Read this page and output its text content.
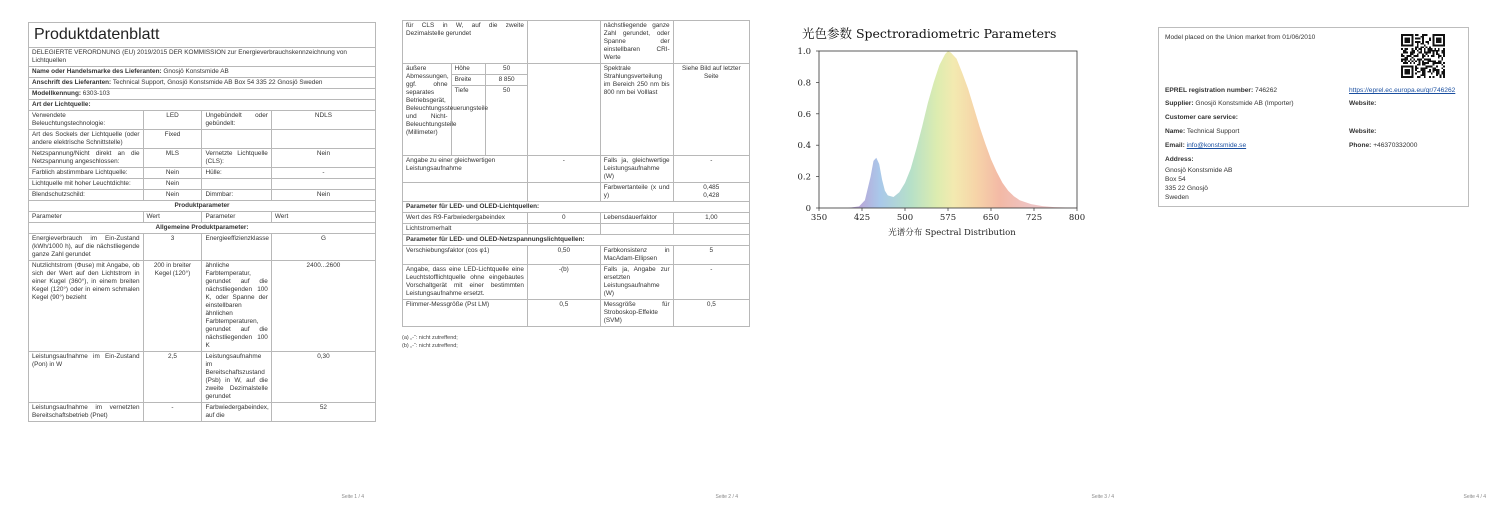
Produktdatenblatt			
DELEGIERTE VERORDNUNG (EU) 2019/2015 DER KOMMISSION zur Energieverbrauchskennzeichnung von Lichtquellen			
Name oder Handelsmarke des Lieferanten: Gnosjö Konstsmide AB			
Anschrift des Lieferanten: Technical Support, Gnosjö Konstsmide AB Box 54 335 22 Gnosjö Sweden			
Modellkennung: 6303-103			
Art der Lichtquelle:			
Verwendete Beleuchtungstechnologie:	LED	Ungebündelt oder gebündelt:	NDLS
Art des Sockels der Lichtquelle (oder andere elektrische Schnittstelle)	Fixed		
Netzspannung/Nicht direkt an die Netzspannung angeschlossen:	MLS	Vernetzte Lichtquelle (CLS):	Nein
Farblich abstimmbare Lichtquelle:	Nein	Hülle:	-
Lichtquelle mit hoher Leuchtdichte:	Nein		
Blendschutzschild:	Nein	Dimmbar:	Nein
Produktparameter			
Parameter	Wert	Parameter	Wert
Allgemeine Produktparameter:			
Energieverbrauch im Ein-Zustand (kWh/1000 h), auf die nächstliegende ganze Zahl gerundet	3	Energieeffizienzklasse	G
Nutzlichtstrom (Φuse) mit Angabe, ob sich der Wert auf den Lichtstrom in einer Kugel (360°), in einem breiten Kegel (120°) oder in einem schmalen Kegel (90°) bezieht	200 in breiter Kegel (120°)	ähnliche Farbtemperatur, gerundet auf die nächstliegenden 100 K, oder Spanne der einstellbaren ähnlichen Farbtemperaturen, gerundet auf die nächstliegenden 100 K	2400...2600
Leistungsaufnahme im Ein-Zustand (Pon) in W	2,5	Leistungsaufnahme im Bereitschaftszustand (Psb) in W, auf die zweite Dezimalstelle gerundet	0,30
Leistungsaufnahme im vernetzten Bereitschaftsbetrieb (Pnet)	-	Farbwiedergabeindex, auf die	52
Seite 1 / 4
für CLS in W, auf die zweite Dezimalstelle gerundet				nächstliegende ganze Zahl gerundet, oder Spanne der einstellbaren CRI-Werte	
äußere Abmessungen, ggf. ohne separates Betriebsgerät, Beleuchtungssteuerungsteile und Nicht-Beleuchtungsteile (Millimeter)	Höhe	50		Spektrale Strahlungsverteilung im Bereich 250 nm bis 800 nm bei Volllast	Siehe Bild auf letzter Seite
	Breite	8 850			
	Tiefe	50			
Angabe zu einer gleichwertigen Leistungsaufnahme			-	Falls ja, gleichwertige Leistungsaufnahme (W)	-
				Farbwertanteile (x und y)	0,485
0,428
Parameter für LED- und OLED-Lichtquellen:					
Wert des R9-Farbwiedergabeindex			0	Lebensdauerfaktor	1,00
Lichtstromerhalt					
Parameter für LED- und OLED-Netzspannungslichtquellen:					
Verschiebungsfaktor (cos φ1)			0,50	Farbkonsistenz in MacAdam-Ellipsen	5
Angabe, dass eine LED-Lichtquelle eine Leuchtstofflichtquelle ohne eingebautes Vorschaltgerät mit einer bestimmten Leistungsaufnahme ersetzt.			-(b)	Falls ja, Angabe zur ersetzten Leistungsaufnahme (W)	-
Flimmer-Messgröße (Pst LM)			0,5	Messgröße für Stroboskop-Effekte (SVM)	0,5
(a) „-“: nicht zutreffend;
(b) „-“: nicht zutreffend;
Seite 2 / 4
光色参数 Spectroradiometric Parameters
350	425	500	575	650	725	800
0
0.2
0.4
0.6
0.8
1.0
光谱分布 Spectral Distribution
Seite 3 / 4
Model placed on the Union market from 01/06/2010
EPREL registration number: 746262	https://eprel.ec.europa.eu/qr/746262
Supplier: Gnosjö Konstsmide AB (Importer)	Website:
Customer care service:
Name: Technical Support	Website:
Email: info@konstsmide.se	Phone: +46370332000
Address:
Gnosjö Konstsmide AB
Box 54
335 22 Gnosjö
Sweden
Seite 4 / 4
